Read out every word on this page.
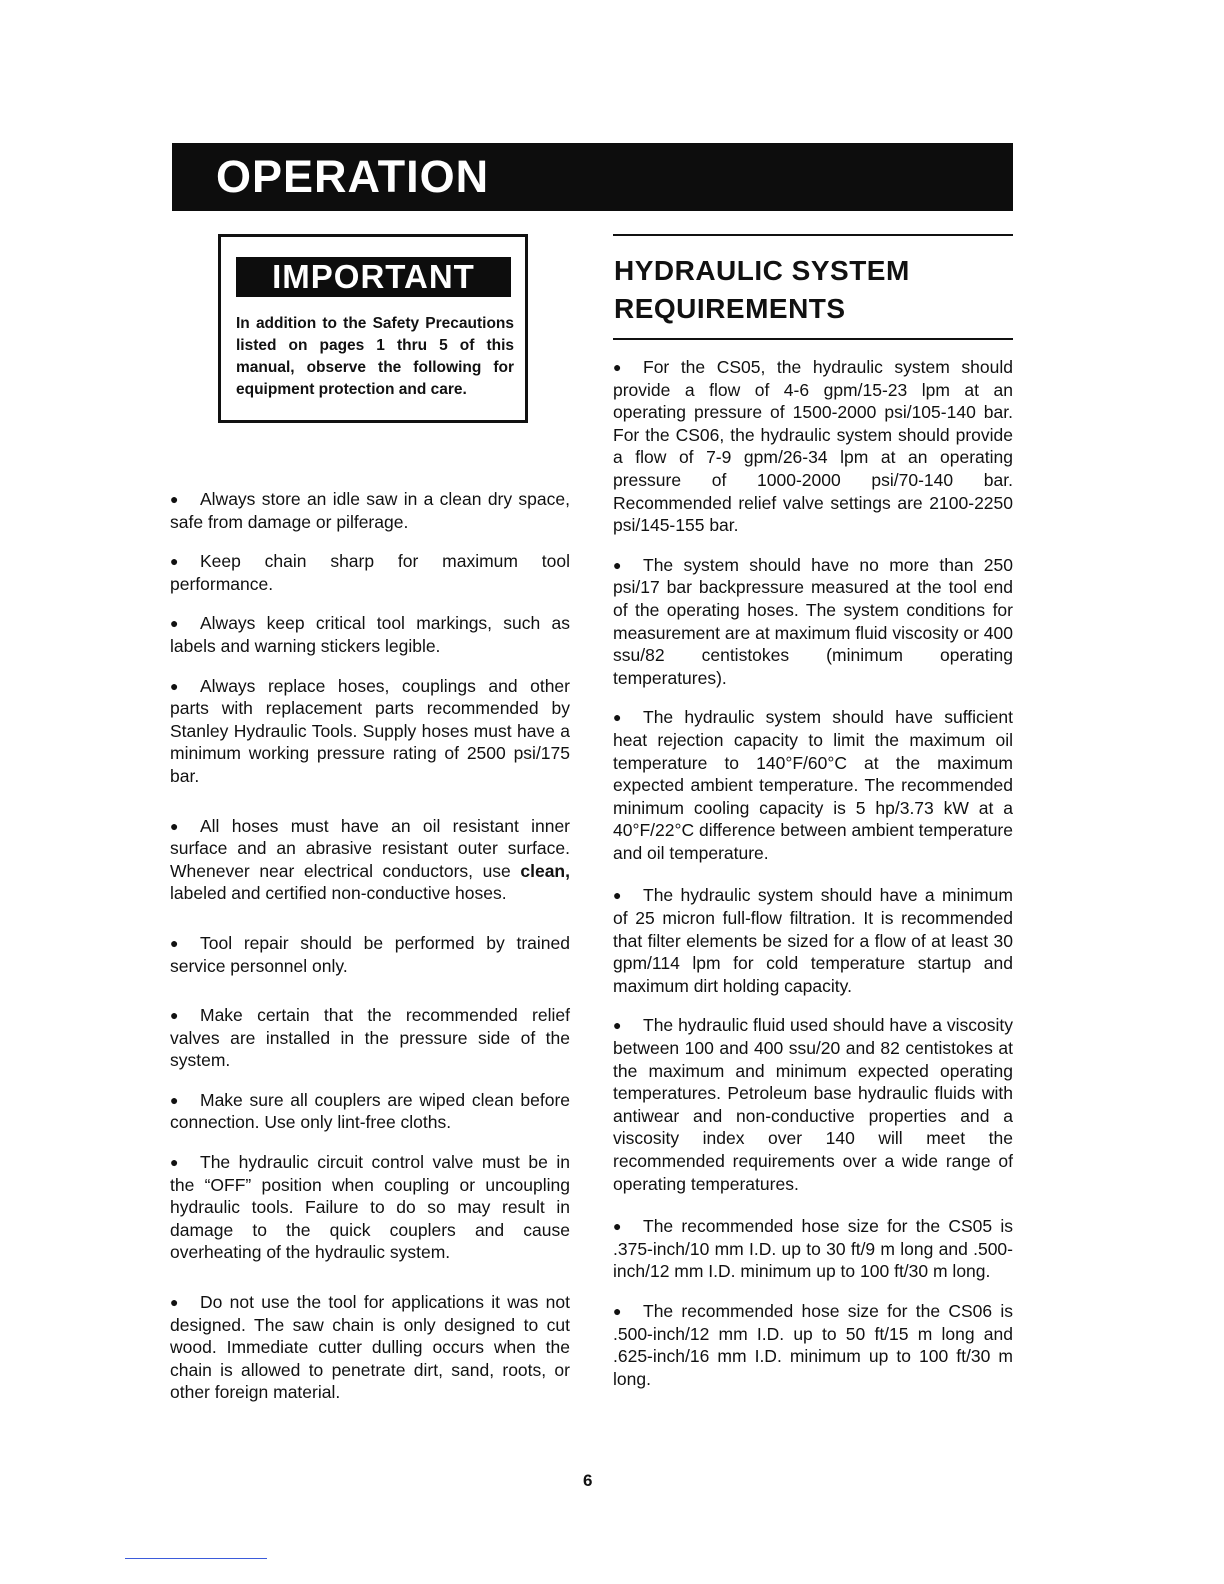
OPERATION
IMPORTANT
In addition to the Safety Precautions listed on pages 1 thru 5 of this manual, observe the following for equipment protection and care.

● Always store an idle saw in a clean dry space, safe from damage or pilferage.

● Keep chain sharp for maximum tool performance.

● Always keep critical tool markings, such as labels and warning stickers legible.

● Always replace hoses, couplings and other parts with replacement parts recommended by Stanley Hydraulic Tools. Supply hoses must have a minimum working pressure rating of 2500 psi/175 bar.

● All hoses must have an oil resistant inner surface and an abrasive resistant outer surface. Whenever near electrical conductors, use clean, labeled and certified non-conductive hoses.

● Tool repair should be performed by trained service personnel only.

● Make certain that the recommended relief valves are installed in the pressure side of the system.

● Make sure all couplers are wiped clean before connection. Use only lint-free cloths.

● The hydraulic circuit control valve must be in the “OFF” position when coupling or uncoupling hydraulic tools. Failure to do so may result in damage to the quick couplers and cause overheating of the hydraulic system.

● Do not use the tool for applications it was not designed. The saw chain is only designed to cut wood. Immediate cutter dulling occurs when the chain is allowed to penetrate dirt, sand, roots, or other foreign material.

HYDRAULIC SYSTEM REQUIREMENTS

● For the CS05, the hydraulic system should provide a flow of 4-6 gpm/15-23 lpm at an operating pressure of 1500-2000 psi/105-140 bar. For the CS06, the hydraulic system should provide a flow of 7-9 gpm/26-34 lpm at an operating pressure of 1000-2000 psi/70-140 bar. Recommended relief valve settings are 2100-2250 psi/145-155 bar.

● The system should have no more than 250 psi/17 bar backpressure measured at the tool end of the operating hoses. The system conditions for measurement are at maximum fluid viscosity or 400 ssu/82 centistokes (minimum operating temperatures).

● The hydraulic system should have sufficient heat rejection capacity to limit the maximum oil temperature to 140°F/60°C at the maximum expected ambient temperature. The recommended minimum cooling capacity is 5 hp/3.73 kW at a 40°F/22°C difference between ambient temperature and oil temperature.

● The hydraulic system should have a minimum of 25 micron full-flow filtration. It is recommended that filter elements be sized for a flow of at least 30 gpm/114 lpm for cold temperature startup and maximum dirt holding capacity.

● The hydraulic fluid used should have a viscosity between 100 and 400 ssu/20 and 82 centistokes at the maximum and minimum expected operating temperatures. Petroleum base hydraulic fluids with antiwear and non-conductive properties and a viscosity index over 140 will meet the recommended requirements over a wide range of operating temperatures.

● The recommended hose size for the CS05 is .375-inch/10 mm I.D. up to 30 ft/9 m long and .500-inch/12 mm I.D. minimum up to 100 ft/30 m long.

● The recommended hose size for the CS06 is .500-inch/12 mm I.D. up to 50 ft/15 m long and .625-inch/16 mm I.D. minimum up to 100 ft/30 m long.

6
